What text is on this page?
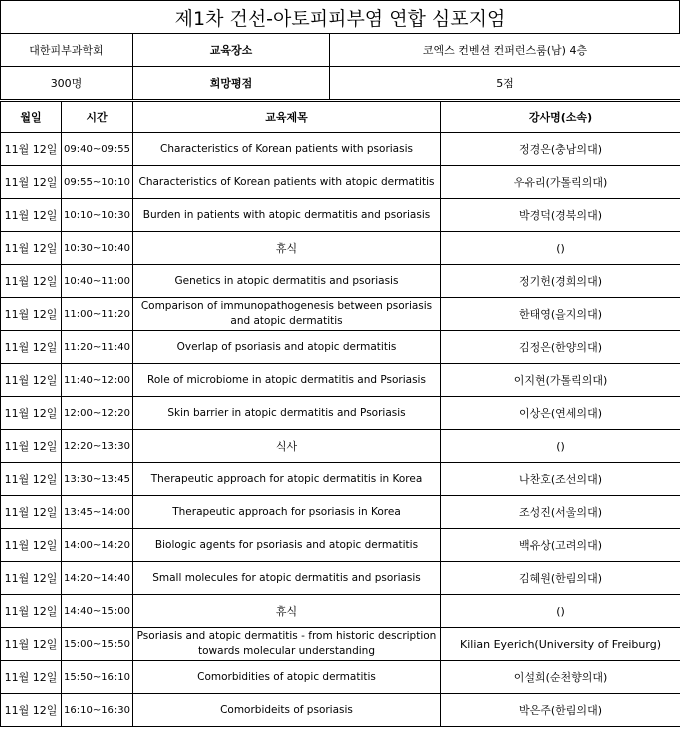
제1차 건선-아토피피부염 연합 심포지엄
대한피부과학회	교육장소	코엑스 컨벤션 컨퍼런스룸(남) 4층
300명	희망평점	5점
월일	시간	교육제목	강사명(소속)
11월 12일	09:40~09:55	Characteristics of Korean patients with psoriasis	정경은(충남의대)
11월 12일	09:55~10:10	Characteristics of Korean patients with atopic dermatitis	우유리(가톨릭의대)
11월 12일	10:10~10:30	Burden in patients with atopic dermatitis and psoriasis	박경덕(경북의대)
11월 12일	10:30~10:40	휴식	()
11월 12일	10:40~11:00	Genetics in atopic dermatitis and psoriasis	정기헌(경희의대)
11월 12일	11:00~11:20	Comparison of immunopathogenesis between psoriasis and atopic dermatitis	한태영(을지의대)
11월 12일	11:20~11:40	Overlap of psoriasis and atopic dermatitis	김정은(한양의대)
11월 12일	11:40~12:00	Role of microbiome in atopic dermatitis and Psoriasis	이지현(가톨릭의대)
11월 12일	12:00~12:20	Skin barrier in atopic dermatitis and Psoriasis	이상은(연세의대)
11월 12일	12:20~13:30	식사	()
11월 12일	13:30~13:45	Therapeutic approach for atopic dermatitis in Korea	나찬호(조선의대)
11월 12일	13:45~14:00	Therapeutic approach for psoriasis in Korea	조성진(서울의대)
11월 12일	14:00~14:20	Biologic agents for psoriasis and atopic dermatitis	백유상(고려의대)
11월 12일	14:20~14:40	Small molecules for atopic dermatitis and psoriasis	김혜원(한림의대)
11월 12일	14:40~15:00	휴식	()
11월 12일	15:00~15:50	Psoriasis and atopic dermatitis - from historic description towards molecular understanding	Kilian Eyerich(University of Freiburg)
11월 12일	15:50~16:10	Comorbidities of atopic dermatitis	이설희(순천향의대)
11월 12일	16:10~16:30	Comorbideits of psoriasis	박은주(한림의대)
